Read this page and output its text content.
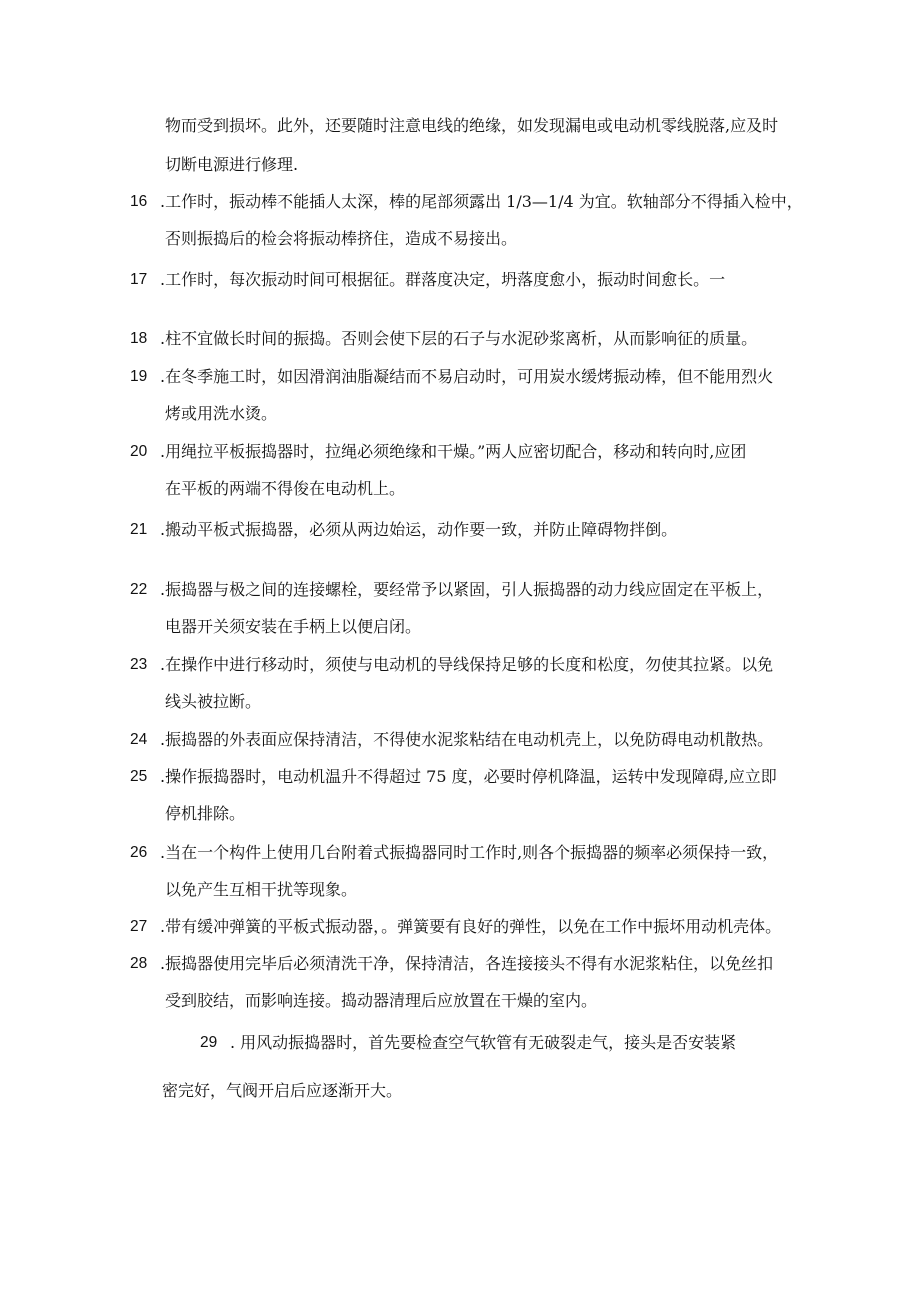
物而受到损坏。此外，还要随时注意电线的绝缘，如发现漏电或电动机零线脱落,应及时
切断电源进行修理.
16 .工作时，振动棒不能插人太深，棒的尾部须露出 1/3—1/4 为宜。软轴部分不得插入检中，
否则振捣后的检会将振动棒挤住，造成不易接出。
17 .工作时，每次振动时间可根据征。群落度决定，坍落度愈小，振动时间愈长。一
18 .柱不宜做长时间的振捣。否则会使下层的石子与水泥砂浆离析，从而影响征的质量。
19 .在冬季施工时，如因滑润油脂凝结而不易启动时，可用炭水缓烤振动棒，但不能用烈火
烤或用洗水烫。
20 .用绳拉平板振捣器时，拉绳必须绝缘和干燥。”两人应密切配合，移动和转向时,应团
在平板的两端不得俊在电动机上。
21 .搬动平板式振捣器，必须从两边始运，动作要一致，并防止障碍物拌倒。
22 .振捣器与极之间的连接螺栓，要经常予以紧固，引人振捣器的动力线应固定在平板上，
电器开关须安装在手柄上以便启闭。
23 .在操作中进行移动时，须使与电动机的导线保持足够的长度和松度，勿使其拉紧。以免
线头被拉断。
24 .振捣器的外表面应保持清洁，不得使水泥浆粘结在电动机壳上，以免防碍电动机散热。
25 .操作振捣器时，电动机温升不得超过 75 度，必要时停机降温，运转中发现障碍,应立即
停机排除。
26 .当在一个构件上使用几台附着式振捣器同时工作时,则各个振捣器的频率必须保持一致，
以免产生互相干扰等现象。
27 .带有缓冲弹簧的平板式振动器，。弹簧要有良好的弹性，以免在工作中振坏用动机壳体。
28 .振捣器使用完毕后必须清洗干净，保持清洁，各连接接头不得有水泥浆粘住，以免丝扣
受到胶结，而影响连接。捣动器清理后应放置在干燥的室内。
29 . 用风动振捣器时，首先要检查空气软管有无破裂走气，接头是否安装紧
密完好，气阀开启后应逐渐开大。
